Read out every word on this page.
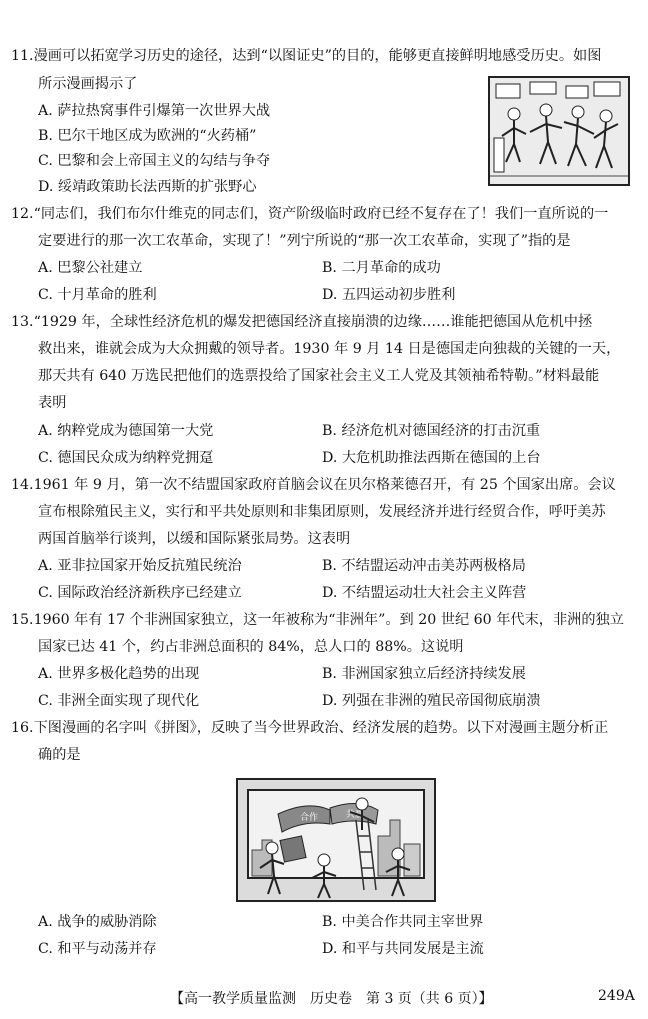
11.漫画可以拓宽学习历史的途径，达到“以图证史”的目的，能够更直接鲜明地感受历史。如图
所示漫画揭示了
A. 萨拉热窝事件引爆第一次世界大战
B. 巴尔干地区成为欧洲的“火药桶”
C. 巴黎和会上帝国主义的勾结与争夺
D. 绥靖政策助长法西斯的扩张野心
12.“同志们，我们布尔什维克的同志们，资产阶级临时政府已经不复存在了！我们一直所说的一
定要进行的那一次工农革命，实现了！”列宁所说的“那一次工农革命，实现了”指的是
A. 巴黎公社建立	B. 二月革命的成功
C. 十月革命的胜利	D. 五四运动初步胜利
13.“1929 年，全球性经济危机的爆发把德国经济直接崩溃的边缘……谁能把德国从危机中拯
救出来，谁就会成为大众拥戴的领导者。1930 年 9 月 14 日是德国走向独裁的关键的一天，
那天共有 640 万选民把他们的选票投给了国家社会主义工人党及其领袖希特勒。”材料最能
表明
A. 纳粹党成为德国第一大党	B. 经济危机对德国经济的打击沉重
C. 德国民众成为纳粹党拥趸	D. 大危机助推法西斯在德国的上台
14.1961 年 9 月，第一次不结盟国家政府首脑会议在贝尔格莱德召开，有 25 个国家出席。会议
宣布根除殖民主义，实行和平共处原则和非集团原则，发展经济并进行经贸合作，呼吁美苏
两国首脑举行谈判，以缓和国际紧张局势。这表明
A. 亚非拉国家开始反抗殖民统治	B. 不结盟运动冲击美苏两极格局
C. 国际政治经济新秩序已经建立	D. 不结盟运动壮大社会主义阵营
15.1960 年有 17 个非洲国家独立，这一年被称为“非洲年”。到 20 世纪 60 年代末，非洲的独立
国家已达 41 个，约占非洲总面积的 84%，总人口的 88%。这说明
A. 世界多极化趋势的出现	B. 非洲国家独立后经济持续发展
C. 非洲全面实现了现代化	D. 列强在非洲的殖民帝国彻底崩溃
16.下图漫画的名字叫《拼图》，反映了当今世界政治、经济发展的趋势。以下对漫画主题分析正
确的是
合作	共赢
A. 战争的威胁消除	B. 中美合作共同主宰世界
C. 和平与动荡并存	D. 和平与共同发展是主流
【高一教学质量监测　历史卷　第 3 页（共 6 页）】	249A
